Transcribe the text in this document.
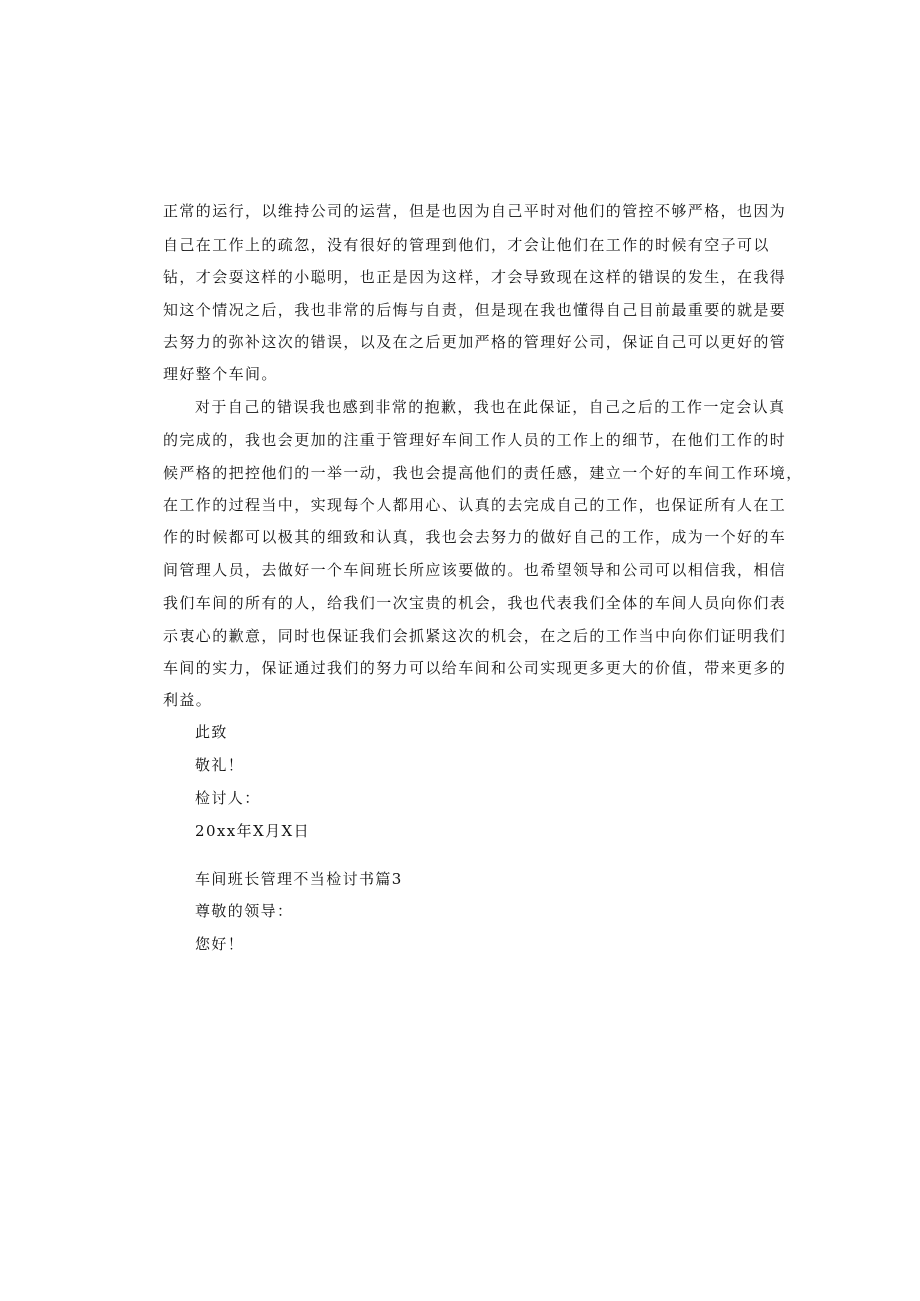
正常的运行，以维持公司的运营，但是也因为自己平时对他们的管控不够严格，也因为
自己在工作上的疏忽，没有很好的管理到他们，才会让他们在工作的时候有空子可以
钻，才会耍这样的小聪明，也正是因为这样，才会导致现在这样的错误的发生，在我得
知这个情况之后，我也非常的后悔与自责，但是现在我也懂得自己目前最重要的就是要
去努力的弥补这次的错误，以及在之后更加严格的管理好公司，保证自己可以更好的管
理好整个车间。
对于自己的错误我也感到非常的抱歉，我也在此保证，自己之后的工作一定会认真
的完成的，我也会更加的注重于管理好车间工作人员的工作上的细节，在他们工作的时
候严格的把控他们的一举一动，我也会提高他们的责任感，建立一个好的车间工作环境，
在工作的过程当中，实现每个人都用心、认真的去完成自己的工作，也保证所有人在工
作的时候都可以极其的细致和认真，我也会去努力的做好自己的工作，成为一个好的车
间管理人员，去做好一个车间班长所应该要做的。也希望领导和公司可以相信我，相信
我们车间的所有的人，给我们一次宝贵的机会，我也代表我们全体的车间人员向你们表
示衷心的歉意，同时也保证我们会抓紧这次的机会，在之后的工作当中向你们证明我们
车间的实力，保证通过我们的努力可以给车间和公司实现更多更大的价值，带来更多的
利益。
此致
敬礼！
检讨人：
20xx年X月X日
车间班长管理不当检讨书篇3
尊敬的领导：
您好！
